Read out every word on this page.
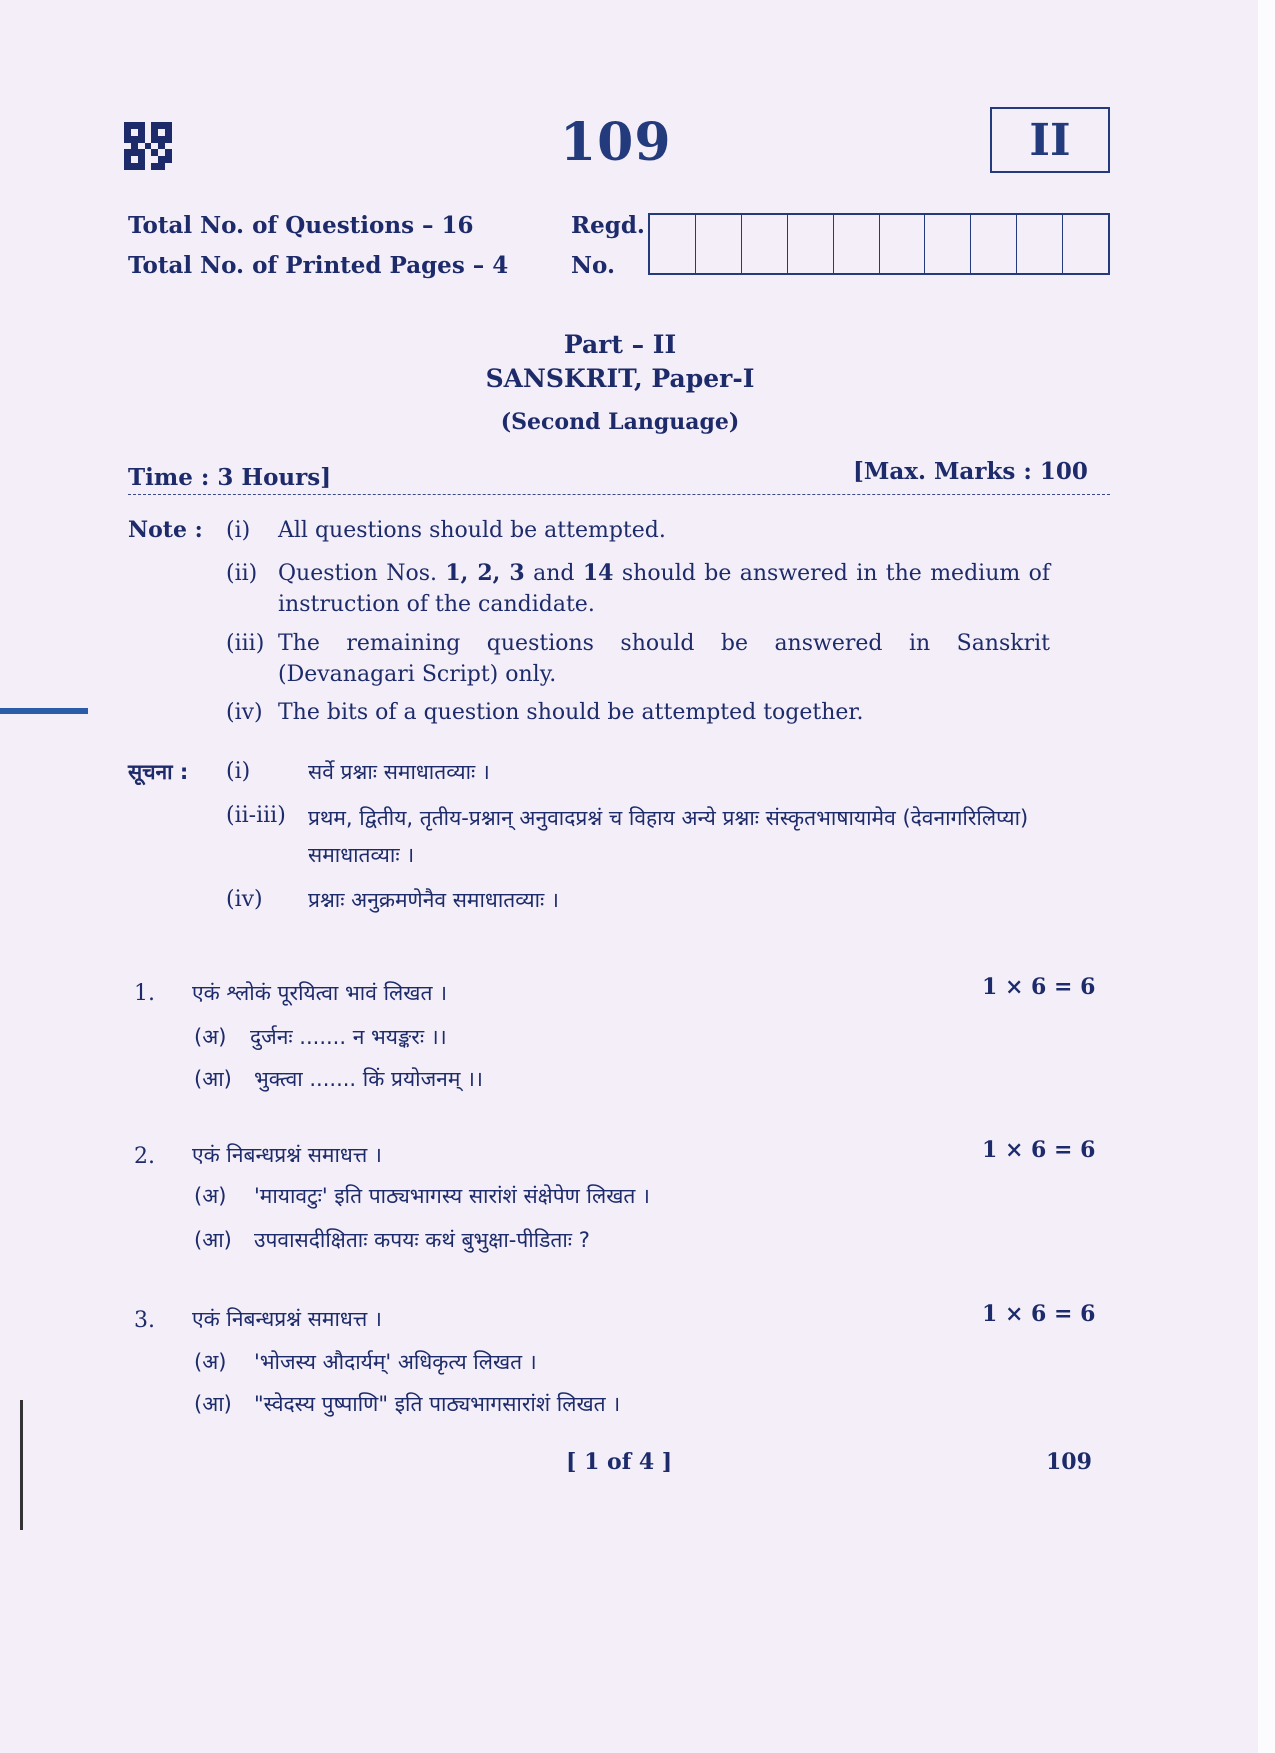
109	II
Total No. of Questions – 16
Total No. of Printed Pages – 4
Regd.
No.
Part – II
SANSKRIT, Paper-I
(Second Language)
Time : 3 Hours]	[Max. Marks : 100
Note : (i) All questions should be attempted.
(ii) Question Nos. 1, 2, 3 and 14 should be answered in the medium of instruction of the candidate.
(iii) The remaining questions should be answered in Sanskrit (Devanagari Script) only.
(iv) The bits of a question should be attempted together.
सूचना : (i)	सर्वे प्रश्नाः समाधातव्याः ।
(ii-iii) प्रथम, द्वितीय, तृतीय-प्रश्नान् अनुवादप्रश्नं च विहाय अन्ये प्रश्नाः संस्कृतभाषायामेव (देवनागरिलिप्या) समाधातव्याः ।
(iv) प्रश्नाः अनुक्रमणेनैव समाधातव्याः ।
1. एकं श्लोकं पूरयित्वा भावं लिखत ।	1 × 6 = 6
(अ) दुर्जनः ....... न भयङ्करः ।।
(आ) भुक्त्वा ....... किं प्रयोजनम् ।।
2. एकं निबन्धप्रश्नं समाधत्त ।	1 × 6 = 6
(अ) 'मायावटुः' इति पाठ्यभागस्य सारांशं संक्षेपेण लिखत ।
(आ) उपवासदीक्षिताः कपयः कथं बुभुक्षा-पीडिताः ?
3. एकं निबन्धप्रश्नं समाधत्त ।	1 × 6 = 6
(अ) 'भोजस्य औदार्यम्' अधिकृत्य लिखत ।
(आ) "स्वेदस्य पुष्पाणि" इति पाठ्यभागसारांशं लिखत ।
[ 1 of 4 ]	109
